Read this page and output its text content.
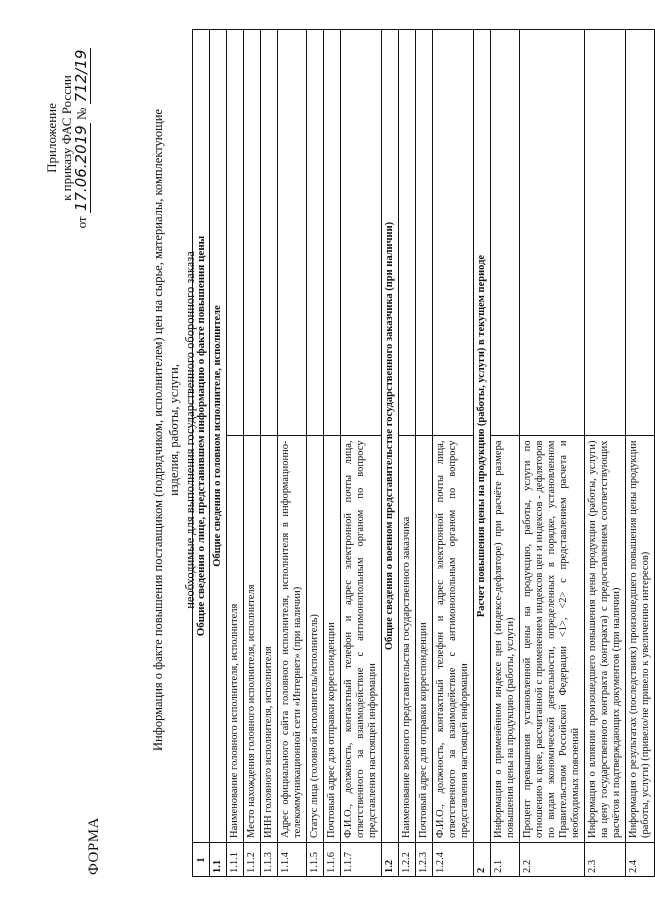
ФОРМА
Приложение к приказу ФАС России
от 17.06.2019 № 712/19
Информация о факте повышения поставщиком (подрядчиком, исполнителем) цен на сырье, материалы, комплектующие изделия, работы, услуги, необходимые для выполнения государственного оборонного заказа
1	Общие сведения о лице, представившем информацию о факте повышения цены	
1.1	Общие сведения о головном исполнителе, исполнителе	
1.1.1	Наименование головного исполнителя, исполнителя	
1.1.2	Место нахождения головного исполнителя, исполнителя	
1.1.3	ИНН головного исполнителя, исполнителя	
1.1.4	Адрес официального сайта головного исполнителя, исполнителя в информационно-телекоммуникационной сети «Интернет» (при наличии)	
1.1.5	Статус лица (головной исполнитель/исполнитель)	
1.1.6	Почтовый адрес для отправки корреспонденции	
1.1.7	Ф.И.О., должность, контактный телефон и адрес электронной почты лица, ответственного за взаимодействие с антимонопольным органом по вопросу представления настоящей информации	
1.2	Общие сведения о военном представительстве государственного заказчика (при наличии)	
1.2.2	Наименование военного представительства государственного заказчика	
1.2.3	Почтовый адрес для отправки корреспонденции	
1.2.4	Ф.И.О., должность, контактный телефон и адрес электронной почты лица, ответственного за взаимодействие с антимонопольным органом по вопросу представления настоящей информации	
2	Расчет повышения цены на продукцию (работы, услуги) в текущем периоде	
2.1	Информация о применённом индексе цен (индексе-дефляторе) при расчёте размера повышения цены на продукцию (работы, услуги)	
2.2	Процент превышения установленной цены на продукцию, работы, услуги по отношению к цене, рассчитанной с применением индексов цен и индексов - дефляторов по видам экономической деятельности, определенных в порядке, установленном Правительством Российской Федерации <1>, <2> с представлением расчета и необходимых пояснений	
2.3	Информация о влиянии произошедшего повышения цены продукции (работы, услуги) на цену государственного контракта (контракта) с предоставлением соответствующих расчётов и подтверждающих документов (при наличии)	
2.4	Информация о результатах (последствиях) произошедшего повышения цены продукции (работы, услуги) (привело/не привело к увеличению интересов)	
